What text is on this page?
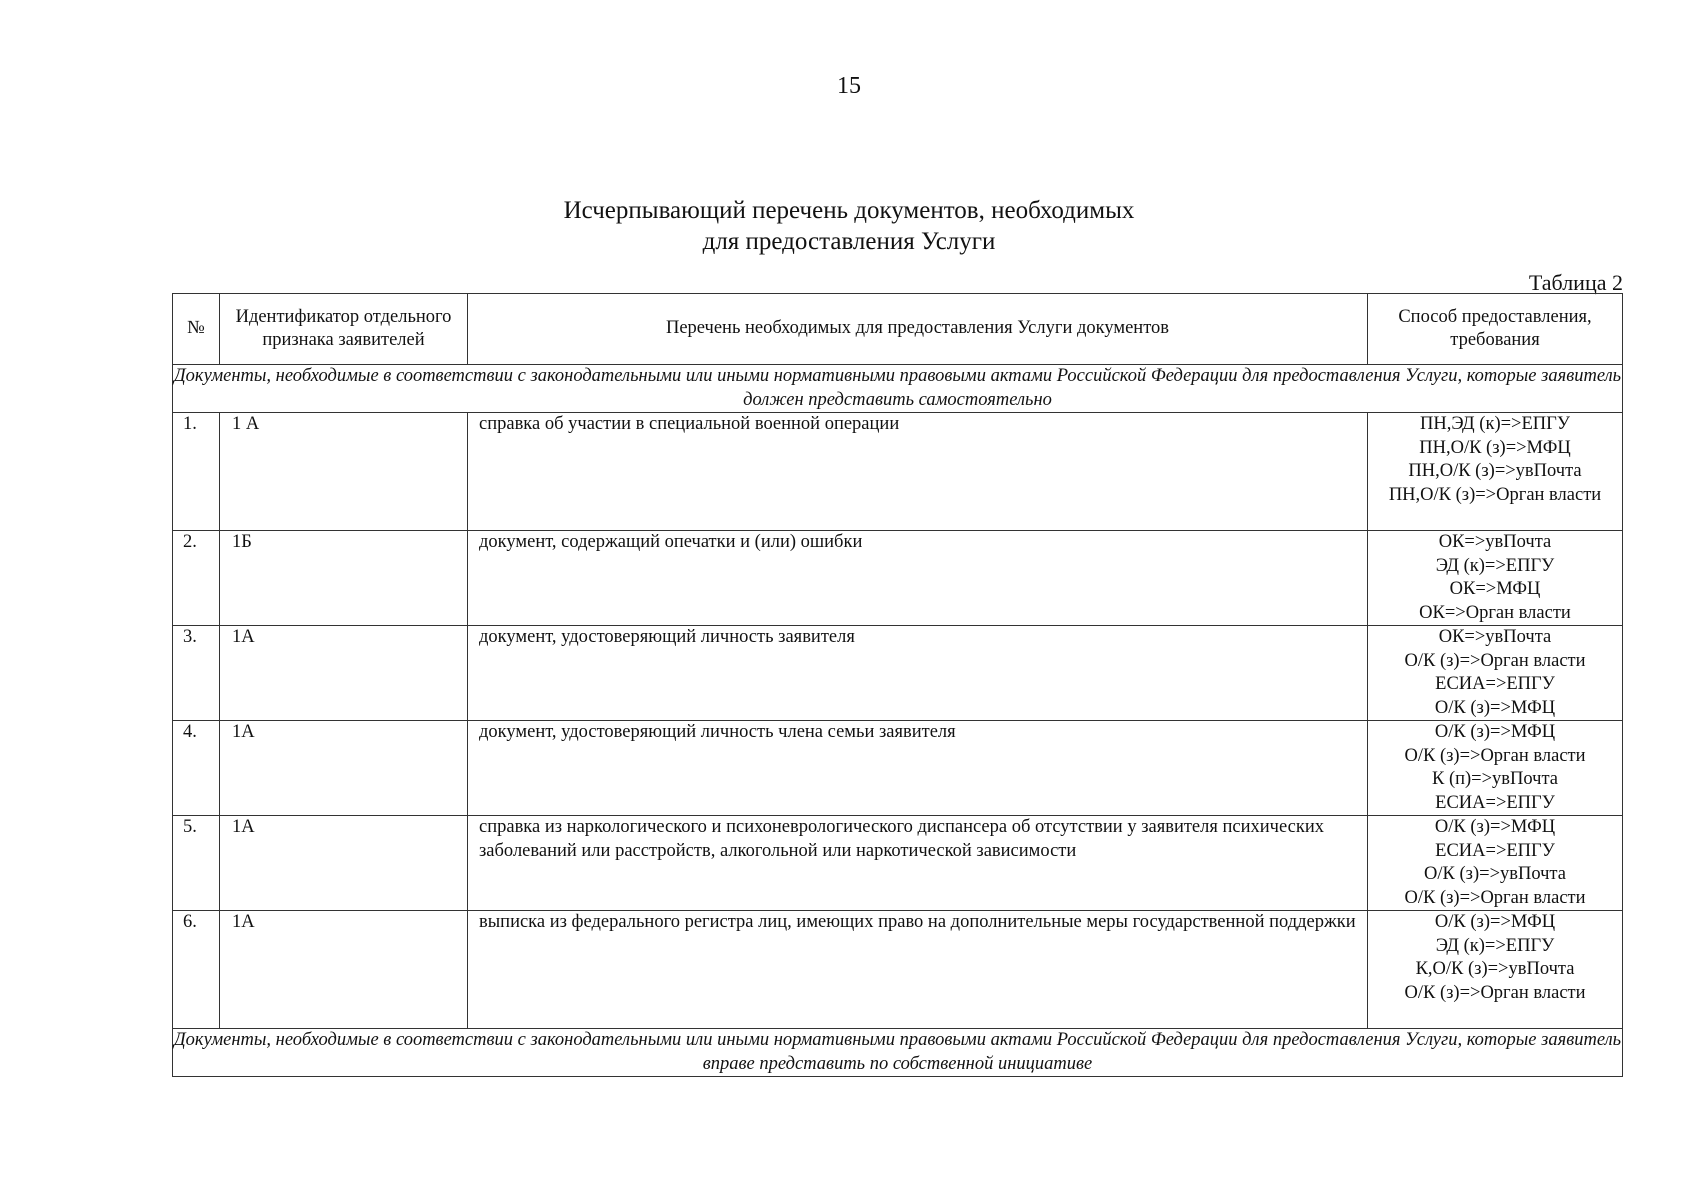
15
Исчерпывающий перечень документов, необходимых
для предоставления Услуги
Таблица 2
№	Идентификатор отдельного признака заявителей	Перечень необходимых для предоставления Услуги документов	Способ предоставления, требования
Документы, необходимые в соответствии с законодательными или иными нормативными правовыми актами Российской Федерации для предоставления Услуги, которые заявитель должен представить самостоятельно			
1.	1 А	справка об участии в специальной военной операции	ПН,ЭД (к)=>ЕПГУ
ПН,О/К (з)=>МФЦ
ПН,О/К (з)=>увПочта
ПН,О/К (з)=>Орган власти

2.	1Б	документ, содержащий опечатки и (или) ошибки	ОК=>увПочта
ЭД (к)=>ЕПГУ
ОК=>МФЦ
ОК=>Орган власти

3.	1А	документ, удостоверяющий личность заявителя	ОК=>увПочта
О/К (з)=>Орган власти
ЕСИА=>ЕПГУ
О/К (з)=>МФЦ

4.	1А	документ, удостоверяющий личность члена семьи заявителя	О/К (з)=>МФЦ
О/К (з)=>Орган власти
К (п)=>увПочта
ЕСИА=>ЕПГУ

5.	1А	справка из наркологического и психоневрологического диспансера об отсутствии у заявителя психических заболеваний или расстройств, алкогольной или наркотической зависимости	О/К (з)=>МФЦ
ЕСИА=>ЕПГУ
О/К (з)=>увПочта
О/К (з)=>Орган власти

6.	1А	выписка из федерального регистра лиц, имеющих право на дополнительные меры государственной поддержки	О/К (з)=>МФЦ
ЭД (к)=>ЕПГУ
К,О/К (з)=>увПочта
О/К (з)=>Орган власти

Документы, необходимые в соответствии с законодательными или иными нормативными правовыми актами Российской Федерации для предоставления Услуги, которые заявитель вправе представить по собственной инициативе			
